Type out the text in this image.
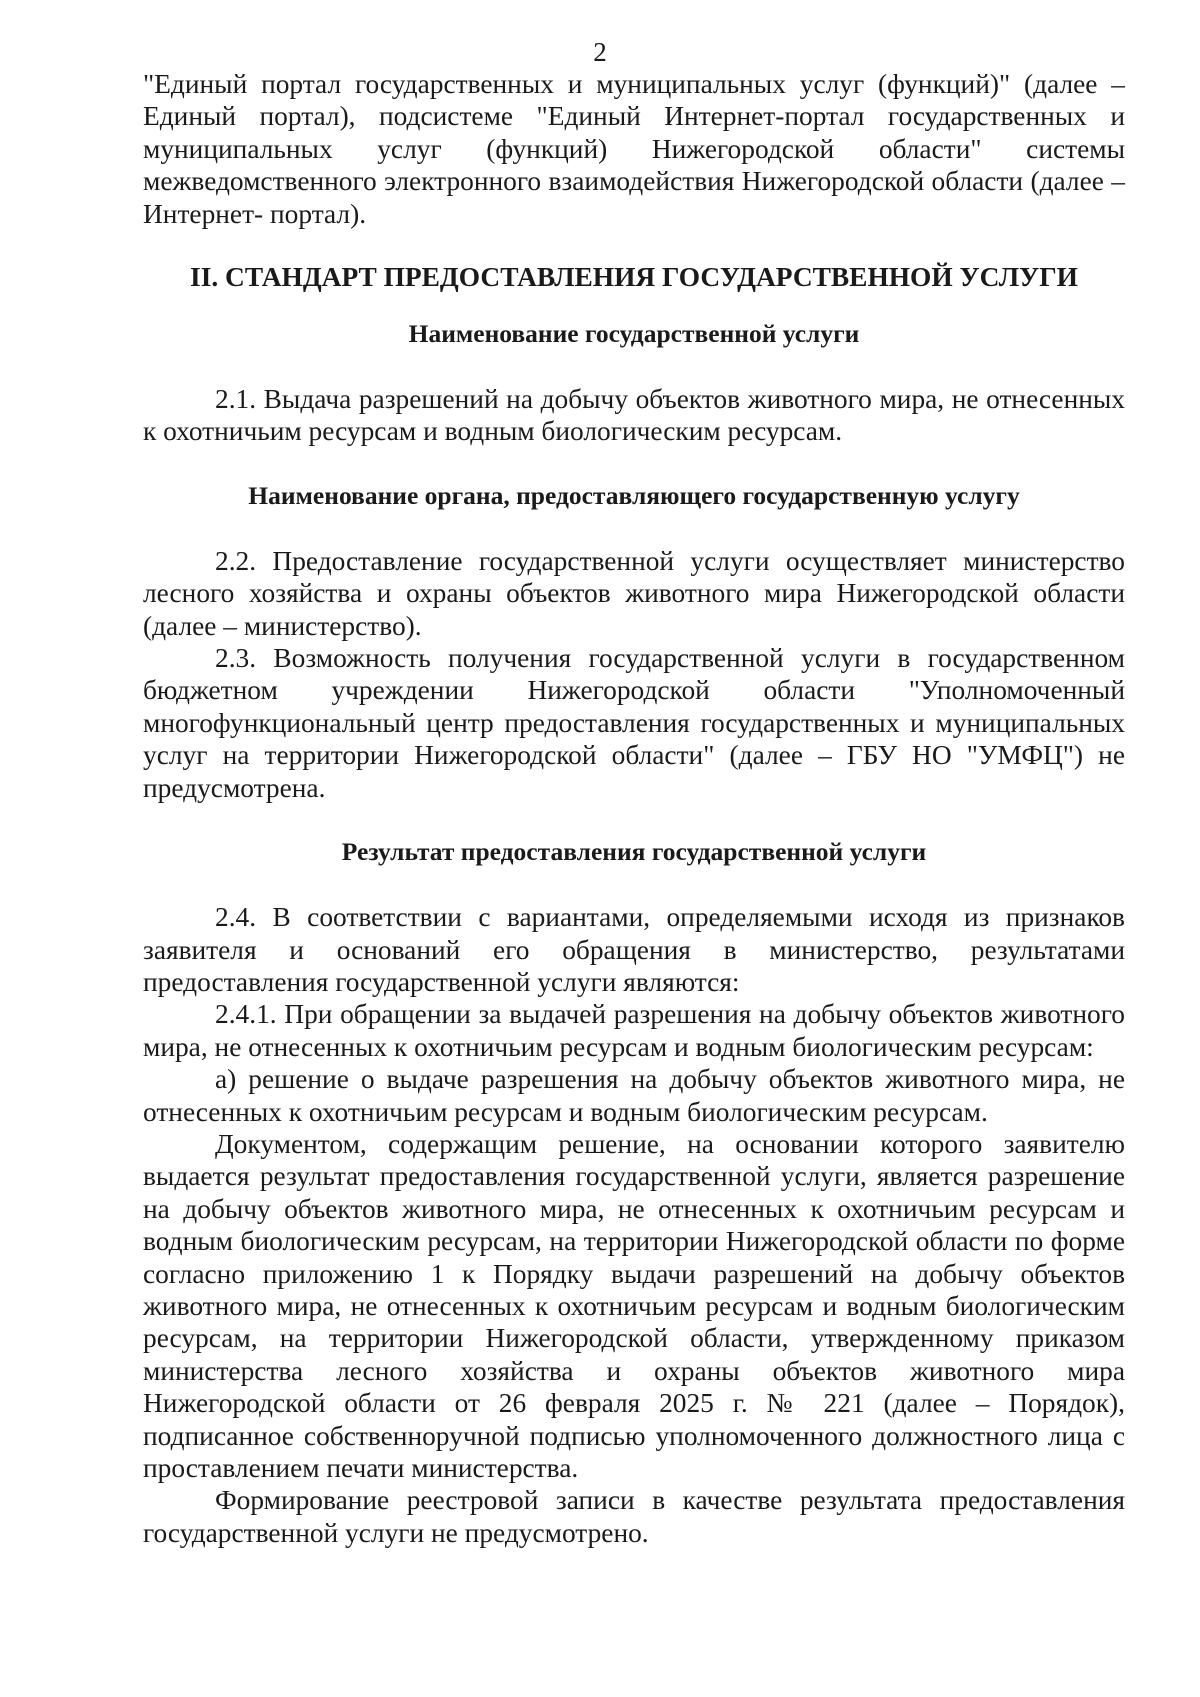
2

"Единый портал государственных и муниципальных услуг (функций)" (далее – Единый портал), подсистеме "Единый Интернет-портал государственных и муниципальных услуг (функций) Нижегородской области" системы межведомственного электронного взаимодействия Нижегородской области (далее – Интернет- портал).

II. СТАНДАРТ ПРЕДОСТАВЛЕНИЯ ГОСУДАРСТВЕННОЙ УСЛУГИ
Наименование государственной услуги

2.1. Выдача разрешений на добычу объектов животного мира, не отнесенных к охотничьим ресурсам и водным биологическим ресурсам.

Наименование органа, предоставляющего государственную услугу

2.2. Предоставление государственной услуги осуществляет министерство лесного хозяйства и охраны объектов животного мира Нижегородской области (далее – министерство).

2.3. Возможность получения государственной услуги в государственном бюджетном учреждении Нижегородской области "Уполномоченный многофункциональный центр предоставления государственных и муниципальных услуг на территории Нижегородской области" (далее – ГБУ НО "УМФЦ") не предусмотрена.

Результат предоставления государственной услуги

2.4. В соответствии с вариантами, определяемыми исходя из признаков заявителя и оснований его обращения в министерство, результатами предоставления государственной услуги являются:

2.4.1. При обращении за выдачей разрешения на добычу объектов животного мира, не отнесенных к охотничьим ресурсам и водным биологическим ресурсам:

а) решение о выдаче разрешения на добычу объектов животного мира, не отнесенных к охотничьим ресурсам и водным биологическим ресурсам.

Документом, содержащим решение, на основании которого заявителю выдается результат предоставления государственной услуги, является разрешение на добычу объектов животного мира, не отнесенных к охотничьим ресурсам и водным биологическим ресурсам, на территории Нижегородской области по форме согласно приложению 1 к Порядку выдачи разрешений на добычу объектов животного мира, не отнесенных к охотничьим ресурсам и водным биологическим ресурсам, на территории Нижегородской области, утвержденному приказом министерства лесного хозяйства и охраны объектов животного мира Нижегородской области от 26 февраля 2025 г. № 221 (далее – Порядок), подписанное собственноручной подписью уполномоченного должностного лица с проставлением печати министерства.

Формирование реестровой записи в качестве результата предоставления государственной услуги не предусмотрено.
